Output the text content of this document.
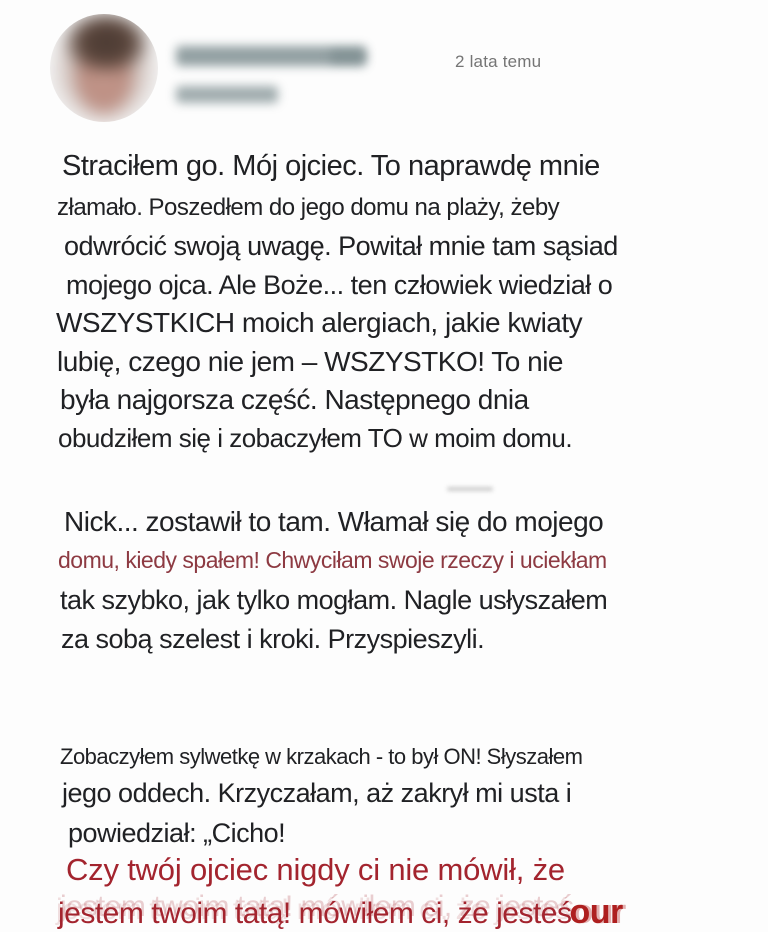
2 lata temu
Straciłem go. Mój ojciec. To naprawdę mnie
złamało. Poszedłem do jego domu na plaży, żeby
odwrócić swoją uwagę. Powitał mnie tam sąsiad
mojego ojca. Ale Boże... ten człowiek wiedział o
WSZYSTKICH moich alergiach, jakie kwiaty
lubię, czego nie jem – WSZYSTKO! To nie
była najgorsza część. Następnego dnia
obudziłem się i zobaczyłem TO w moim domu.
Nick... zostawił to tam. Włamał się do mojego
domu, kiedy spałem! Chwyciłam swoje rzeczy i uciekłam
tak szybko, jak tylko mogłam. Nagle usłyszałem
za sobą szelest i kroki. Przyspieszyli.
Zobaczyłem sylwetkę w krzakach - to był ON! Słyszałem
jego oddech. Krzyczałam, aż zakrył mi usta i
powiedział: „Cicho!
Czy twój ojciec nigdy ci nie mówił, że
jestem twoim tatą! mówiłem ci, że jesteśour
